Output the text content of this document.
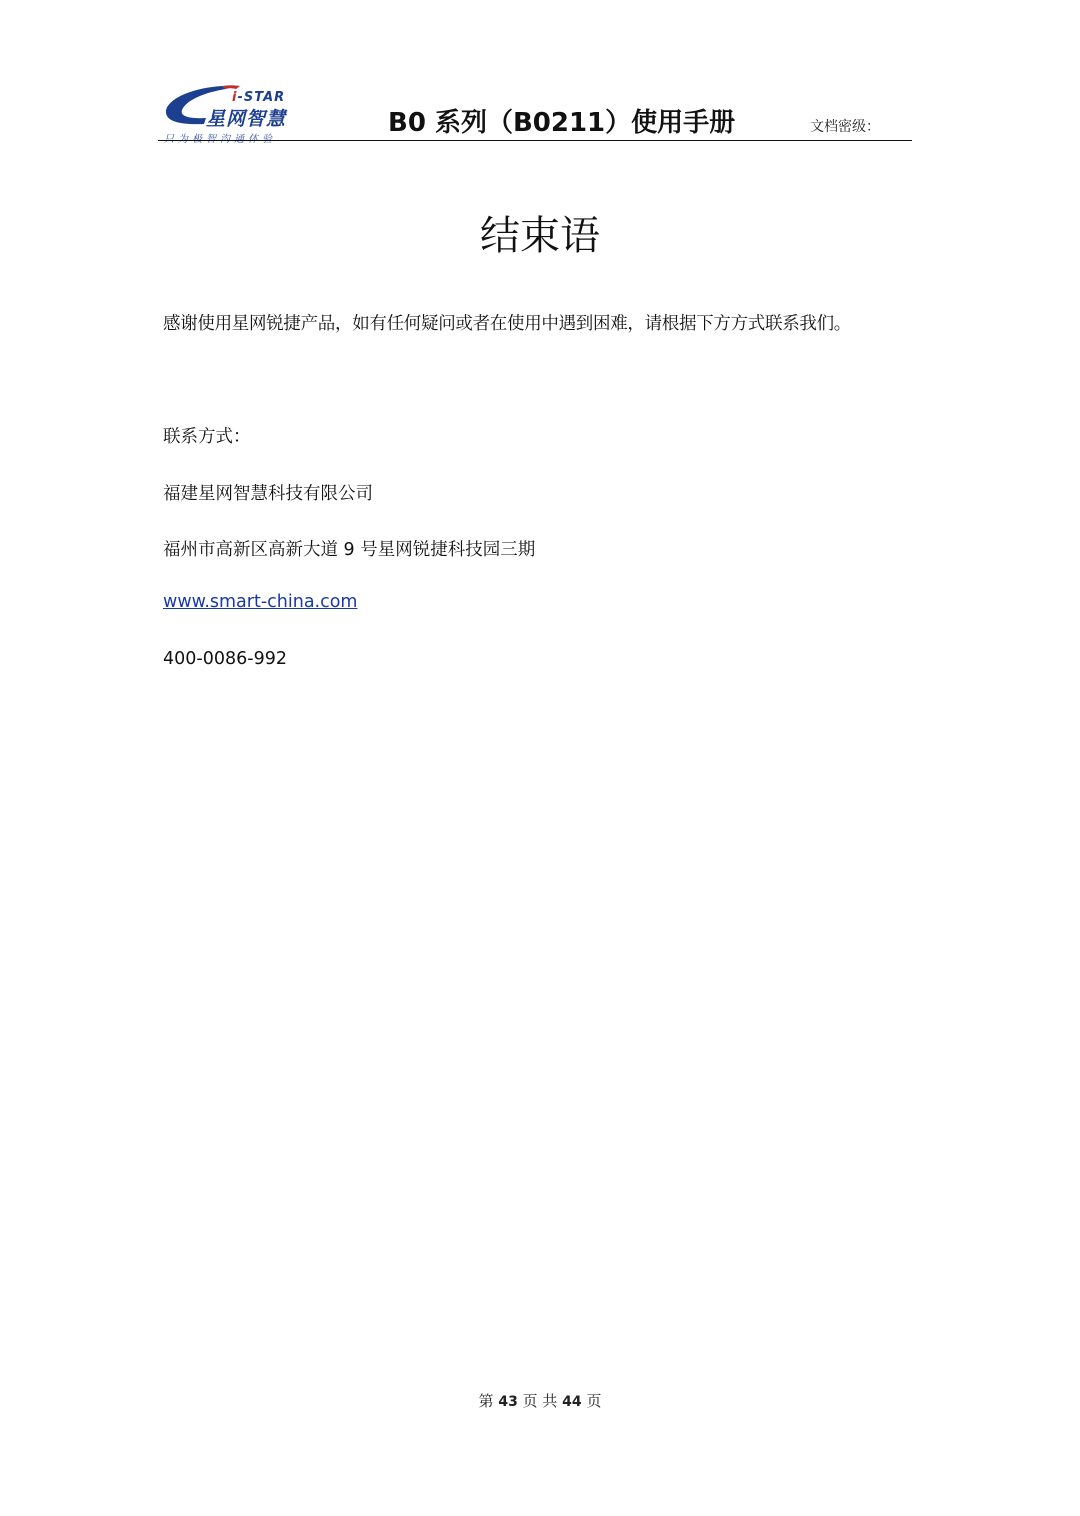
i-STAR
星网智慧
只为极智沟通体验
B0 系列（B0211）使用手册	文档密级：
结束语
感谢使用星网锐捷产品，如有任何疑问或者在使用中遇到困难，请根据下方方式联系我们。
联系方式：
福建星网智慧科技有限公司
福州市高新区高新大道 9 号星网锐捷科技园三期
www.smart-china.com
400-0086-992
第 43 页 共 44 页
